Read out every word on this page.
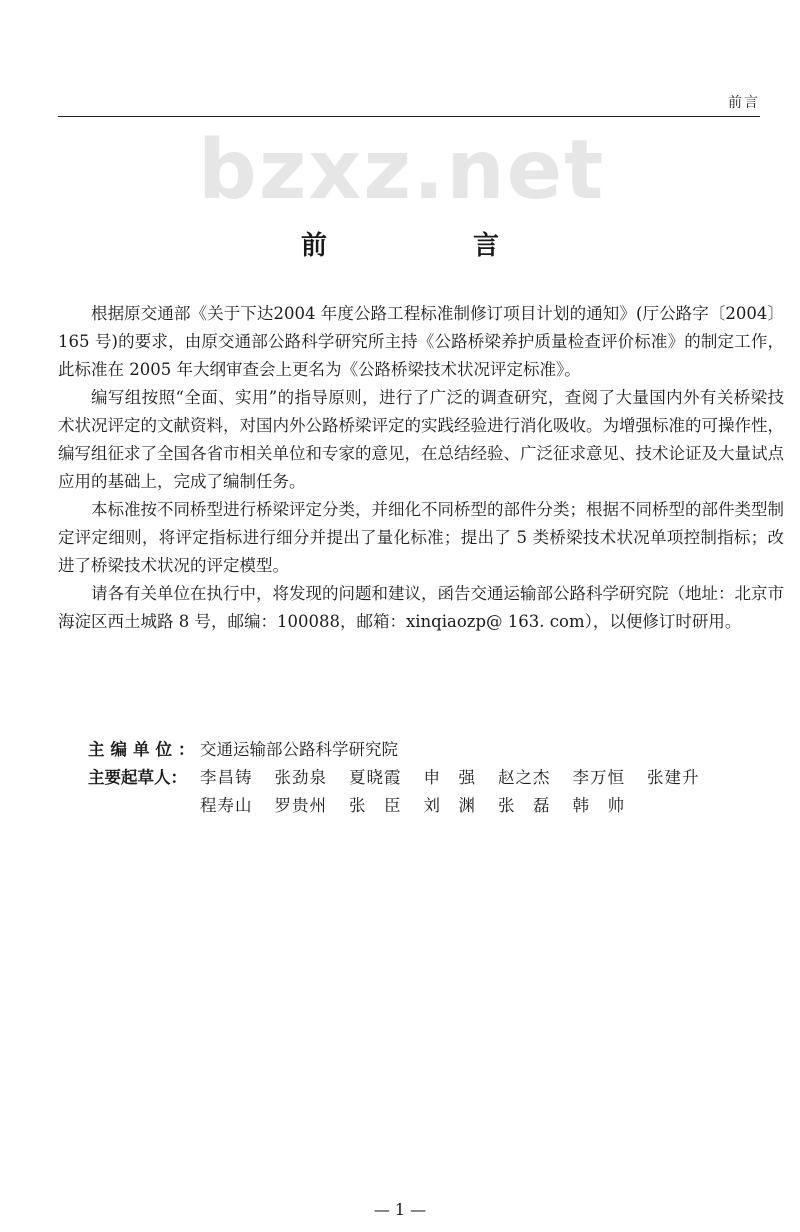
前言
bzxz.net
前　言

根据原交通部《关于下达2004 年度公路工程标准制修订项目计划的通知》(厅公路字〔2004〕165 号)的要求，由原交通部公路科学研究所主持《公路桥梁养护质量检查评价标准》的制定工作，此标准在 2005 年大纲审查会上更名为《公路桥梁技术状况评定标准》。

编写组按照“全面、实用”的指导原则，进行了广泛的调查研究，查阅了大量国内外有关桥梁技术状况评定的文献资料，对国内外公路桥梁评定的实践经验进行消化吸收。为增强标准的可操作性，编写组征求了全国各省市相关单位和专家的意见，在总结经验、广泛征求意见、技术论证及大量试点应用的基础上，完成了编制任务。

本标准按不同桥型进行桥梁评定分类，并细化不同桥型的部件分类；根据不同桥型的部件类型制定评定细则，将评定指标进行细分并提出了量化标准；提出了 5 类桥梁技术状况单项控制指标；改进了桥梁技术状况的评定模型。

请各有关单位在执行中，将发现的问题和建议，函告交通运输部公路科学研究院（地址：北京市海淀区西土城路 8 号，邮编：100088，邮箱：xinqiaozp@ 163. com），以便修订时研用。

主编单位： 交通运输部公路科学研究院
主要起草人： 李昌铸 张劲泉 夏晓霞 申　强 赵之杰 李万恒 张建升
程寿山 罗贵州 张　臣 刘　渊 张　磊 韩　帅
— 1 —
